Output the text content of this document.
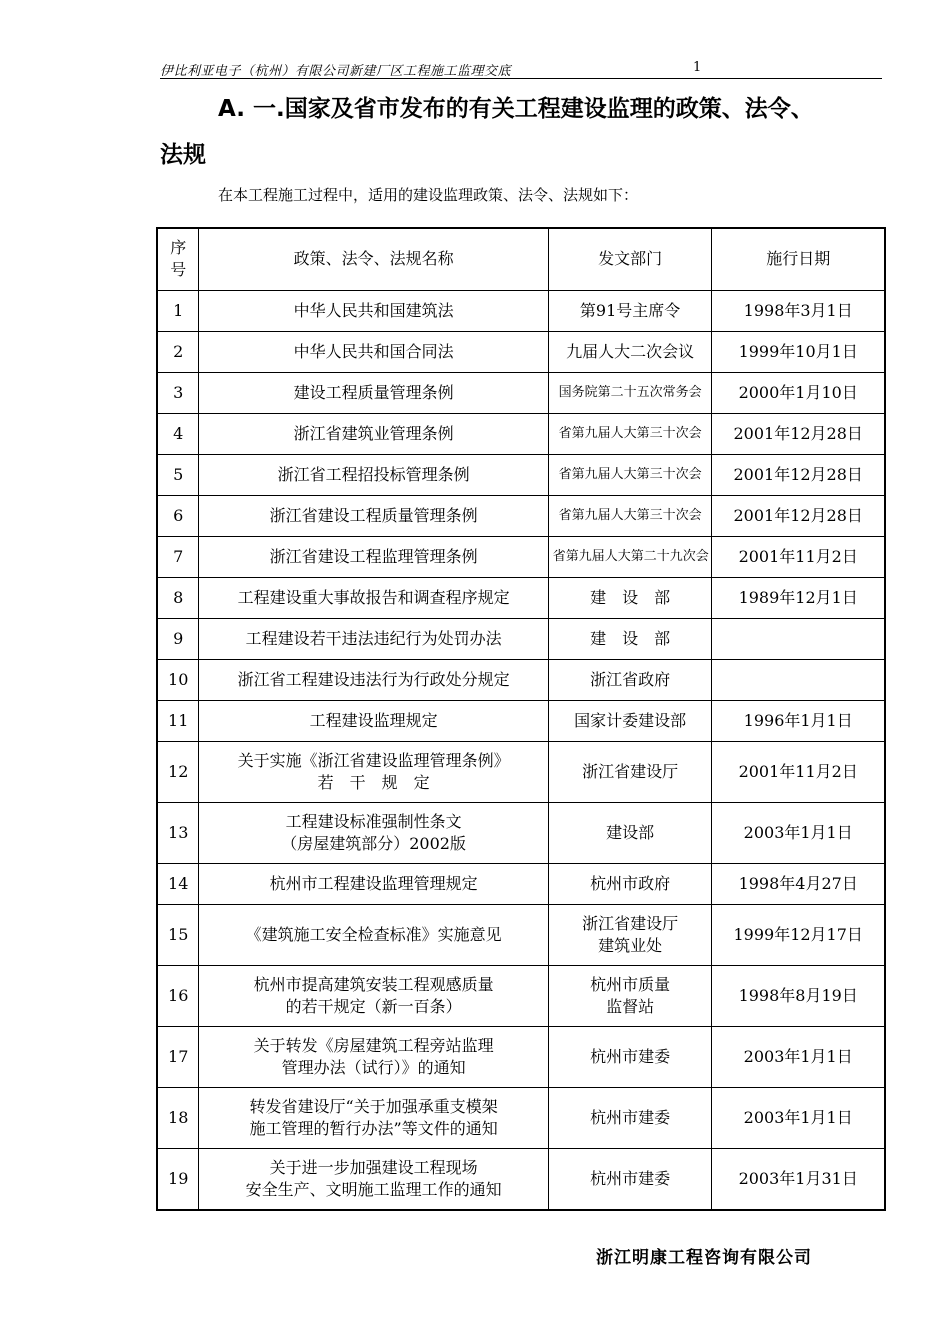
伊比利亚电子（杭州）有限公司新建厂区工程施工监理交底	1
A. 一.国家及省市发布的有关工程建设监理的政策、法令、
法规
在本工程施工过程中，适用的建设监理政策、法令、法规如下：
序
号	政策、法令、法规名称	发文部门	施行日期
1	中华人民共和国建筑法	第91号主席令	1998年3月1日
2	中华人民共和国合同法	九届人大二次会议	1999年10月1日
3	建设工程质量管理条例	国务院第二十五次常务会	2000年1月10日
4	浙江省建筑业管理条例	省第九届人大第三十次会	2001年12月28日
5	浙江省工程招投标管理条例	省第九届人大第三十次会	2001年12月28日
6	浙江省建设工程质量管理条例	省第九届人大第三十次会	2001年12月28日
7	浙江省建设工程监理管理条例	省第九届人大第二十九次会	2001年11月2日
8	工程建设重大事故报告和调查程序规定	建　设　部	1989年12月1日
9	工程建设若干违法违纪行为处罚办法	建　设　部	
10	浙江省工程建设违法行为行政处分规定	浙江省政府	
11	工程建设监理规定	国家计委建设部	1996年1月1日
12	关于实施《浙江省建设监理管理条例》
若　干　规　定	浙江省建设厅	2001年11月2日
13	工程建设标准强制性条文
（房屋建筑部分）2002版	建设部	2003年1月1日
14	杭州市工程建设监理管理规定	杭州市政府	1998年4月27日
15	《建筑施工安全检查标准》实施意见	浙江省建设厅
建筑业处	1999年12月17日
16	杭州市提高建筑安装工程观感质量
的若干规定（新一百条）	杭州市质量
监督站	1998年8月19日
17	关于转发《房屋建筑工程旁站监理
管理办法（试行）》的通知	杭州市建委	2003年1月1日
18	转发省建设厅“关于加强承重支模架
施工管理的暂行办法”等文件的通知	杭州市建委	2003年1月1日
19	关于进一步加强建设工程现场
安全生产、文明施工监理工作的通知	杭州市建委	2003年1月31日
浙江明康工程咨询有限公司
